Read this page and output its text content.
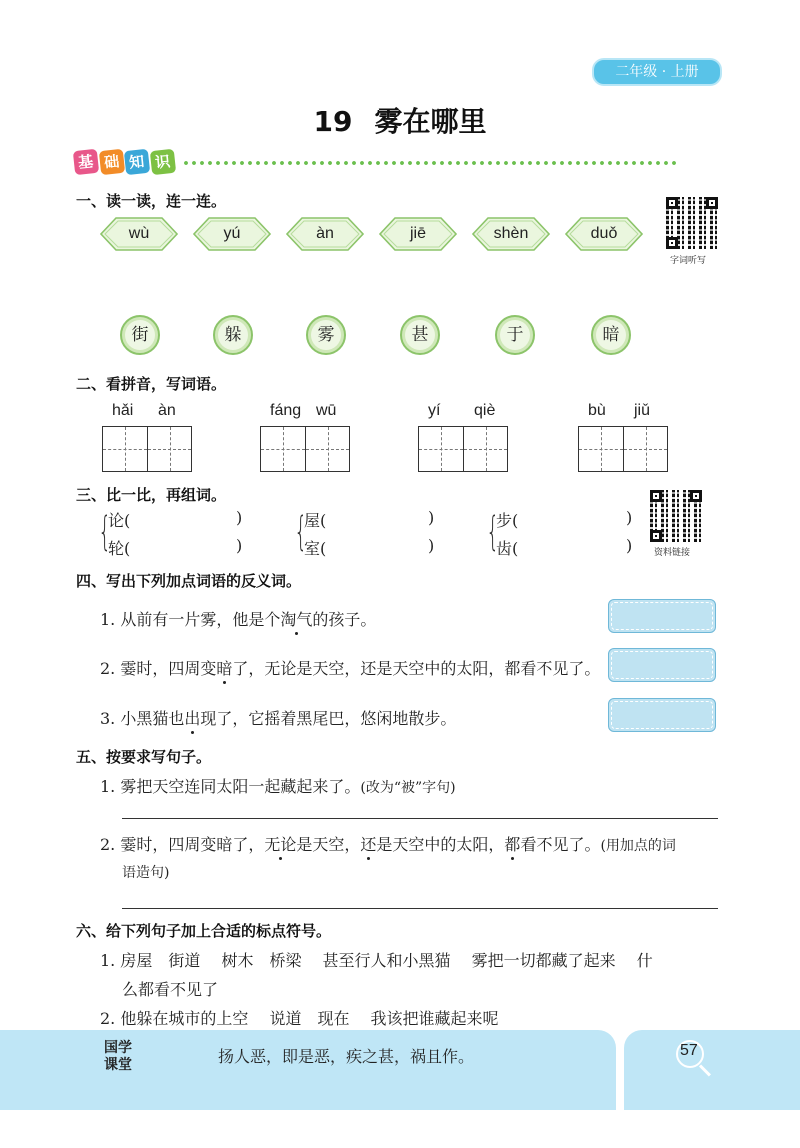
二年级 · 上册
19 雾在哪里
基 础 知 识
一、读一读，连一连。
wù	yú	àn	jiē	shèn	duǒ
字词听写
街	躲	雾	甚	于	暗
二、看拼音，写词语。
hǎi àn	fáng wū	yí qiè	bù jiǔ
三、比一比，再组词。
{
论(	)
轮(	) {
屋(	)
室(	) {
步(	)
齿(	) 资料链接
四、写出下列加点词语的反义词。
1. 从前有一片雾，他是个淘气的孩子。
2. 霎时，四周变暗了，无论是天空，还是天空中的太阳，都看不见了。
3. 小黑猫也出现了，它摇着黑尾巴，悠闲地散步。
五、按要求写句子。
1. 雾把天空连同太阳一起藏起来了。(改为“被”字句)
2. 霎时，四周变暗了，无论是天空，还是天空中的太阳，都看不见了。(用加点的词
语造句)
六、给下列句子加上合适的标点符号。
1. 房屋　街道　 树木　桥梁　 甚至行人和小黑猫　 雾把一切都藏了起来　 什
么都看不见了
2. 他躲在城市的上空　 说道　现在　 我该把谁藏起来呢
国学
课堂	扬人恶，即是恶，疾之甚，祸且作。	57
